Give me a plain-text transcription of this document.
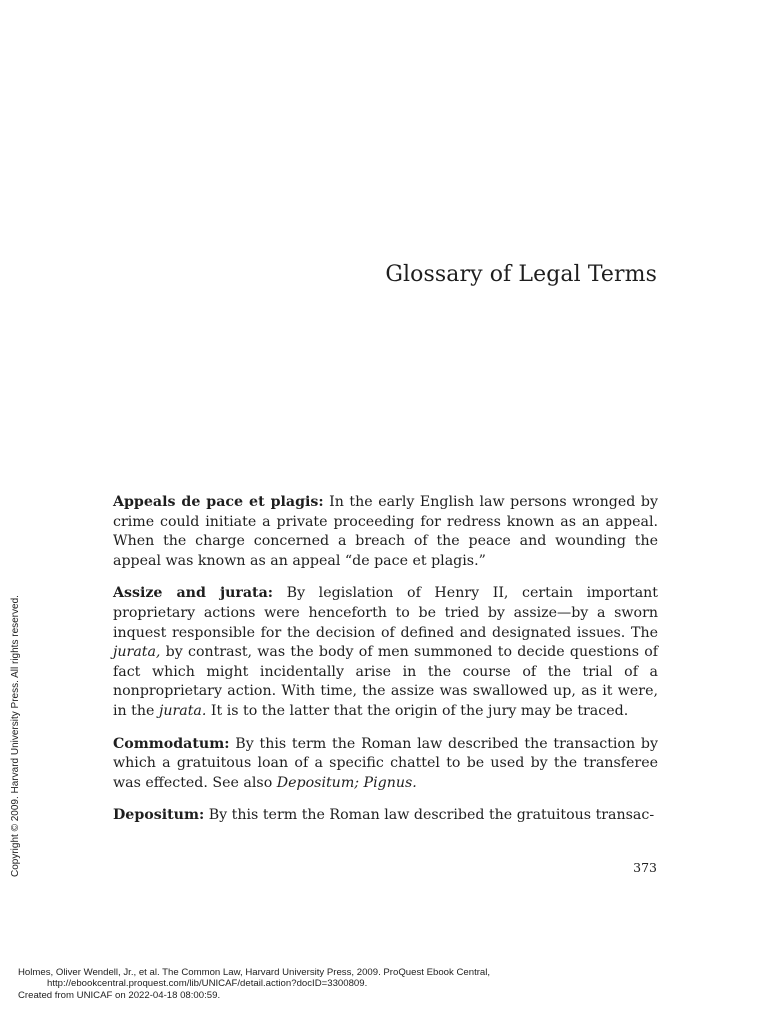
Glossary of Legal Terms

Appeals de pace et plagis: In the early English law persons wronged by crime could initiate a private proceeding for redress known as an appeal. When the charge concerned a breach of the peace and wounding the appeal was known as an appeal “de pace et plagis.”

Assize and jurata: By legislation of Henry II, certain important proprietary actions were henceforth to be tried by assize—by a sworn inquest responsible for the decision of defined and designated issues. The jurata, by contrast, was the body of men summoned to decide questions of fact which might incidentally arise in the course of the trial of a nonproprietary action. With time, the assize was swallowed up, as it were, in the jurata. It is to the latter that the origin of the jury may be traced.

Commodatum: By this term the Roman law described the transaction by which a gratuitous loan of a specific chattel to be used by the transferee was effected. See also Depositum; Pignus.

Depositum: By this term the Roman law described the gratuitous transac-

373
Copyright © 2009. Harvard University Press. All rights reserved.
Holmes, Oliver Wendell, Jr., et al. The Common Law, Harvard University Press, 2009. ProQuest Ebook Central,
http://ebookcentral.proquest.com/lib/UNICAF/detail.action?docID=3300809.
Created from UNICAF on 2022-04-18 08:00:59.
